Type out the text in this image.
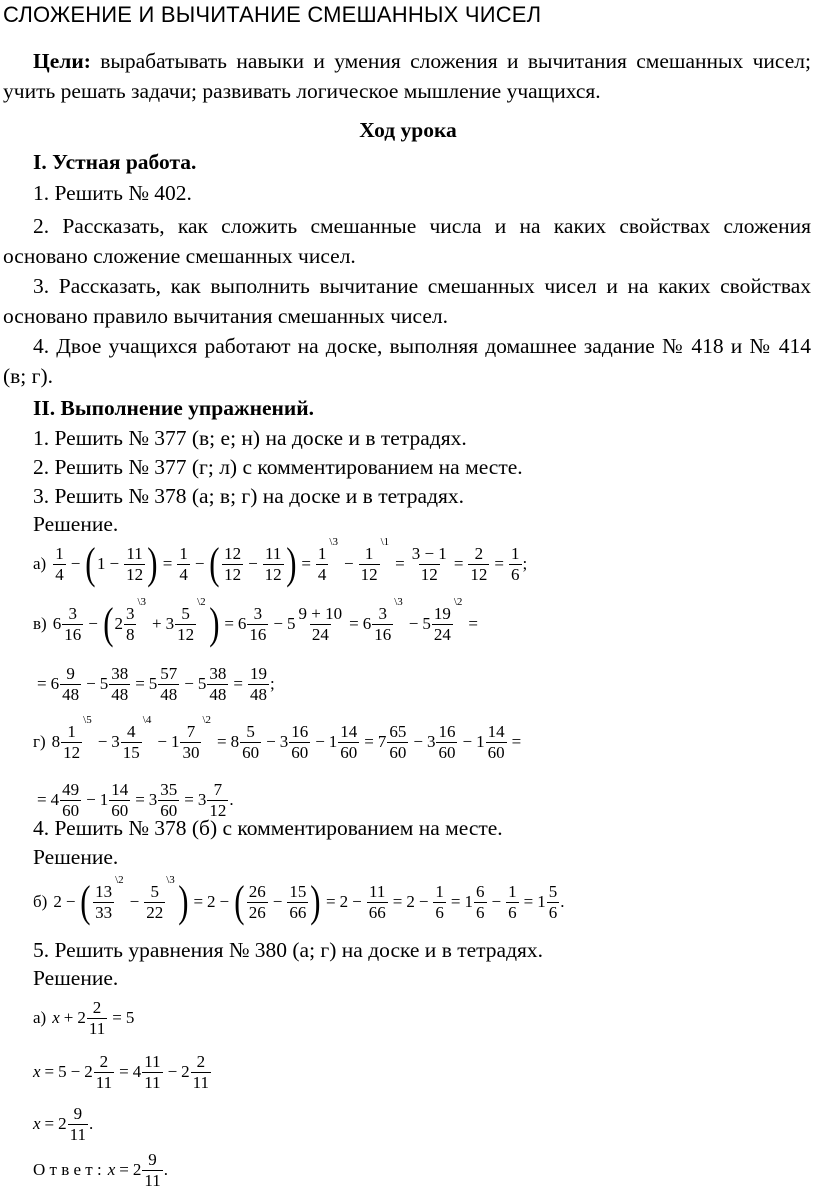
СЛОЖЕНИЕ И ВЫЧИТАНИЕ СМЕШАННЫХ ЧИСЕЛ
Цели: вырабатывать навыки и умения сложения и вычитания смешанных чисел; учить решать задачи; развивать логическое мышление учащихся.
Ход урока
I. Устная работа.
1. Решить № 402.
2. Рассказать, как сложить смешанные числа и на каких свойствах сложения основано сложение смешанных чисел.
3. Рассказать, как выполнить вычитание смешанных чисел и на каких свойствах основано правило вычитания смешанных чисел.
4. Двое учащихся работают на доске, выполняя домашнее задание № 418 и № 414 (в; г).
II. Выполнение упражнений.
1. Решить № 377 (в; е; н) на доске и в тетрадях.
2. Решить № 377 (г; л) с комментированием на месте.
3. Решить № 378 (а; в; г) на доске и в тетрадях.
Решение.
$а) \frac{1}{4}$ − ( $1 - \frac{11}{12}$ ) = $\frac{1}{4}$ − ( $\frac{12}{12} - \frac{11}{12}$ ) = $\frac{1}{4}$
\3
− $\frac{1}{12}$
\1
= $\frac{3 - 1}{12} = \frac{2}{12} = \frac{1}{6}$ ;
в) $6 \frac{3}{16}$ − ( $2 \frac{3}{8}$
\3
+ $3 \frac{5}{12}$
\2 ) = $6 \frac{3}{16} - 5 \frac{9 + 10}{24} = 6 \frac{3}{16}$
\3
− $5 \frac{19}{24}$
\2
=
= $6 \frac{9}{48} - 5 \frac{38}{48} = 5 \frac{57}{48} - 5 \frac{38}{48} = \frac{19}{48}$ ;
г) $8 \frac{1}{12}$
\5
− $3 \frac{4}{15}$
\4
− $1 \frac{7}{30}$
\2
= $8 \frac{5}{60} - 3 \frac{16}{60} - 1 \frac{14}{60} = 7 \frac{65}{60} - 3 \frac{16}{60} - 1 \frac{14}{60}$ =
= $4 \frac{49}{60} - 1 \frac{14}{60} = 3 \frac{35}{60} = 3 \frac{7}{12}$ .
4. Решить № 378 (б) с комментированием на месте.
Решение.
б) 2 − ( $\frac{13}{33}$
\2
− $\frac{5}{22}$
\3 ) = 2 − ( $\frac{26}{26} - \frac{15}{66}$ ) = $2 - \frac{11}{66} = 2 - \frac{1}{6} = 1 \frac{6}{6} - \frac{1}{6} = 1 \frac{5}{6}$ .
5. Решить уравнения № 380 (а; г) на доске и в тетрадях.
Решение.
а) $x + 2 \frac{2}{11} = 5$
$x = 5 - 2 \frac{2}{11} = 4 \frac{11}{11} - 2 \frac{2}{11}$
$x = 2 \frac{9}{11}$ .
О т в е т : $x = 2 \frac{9}{11}$ .
